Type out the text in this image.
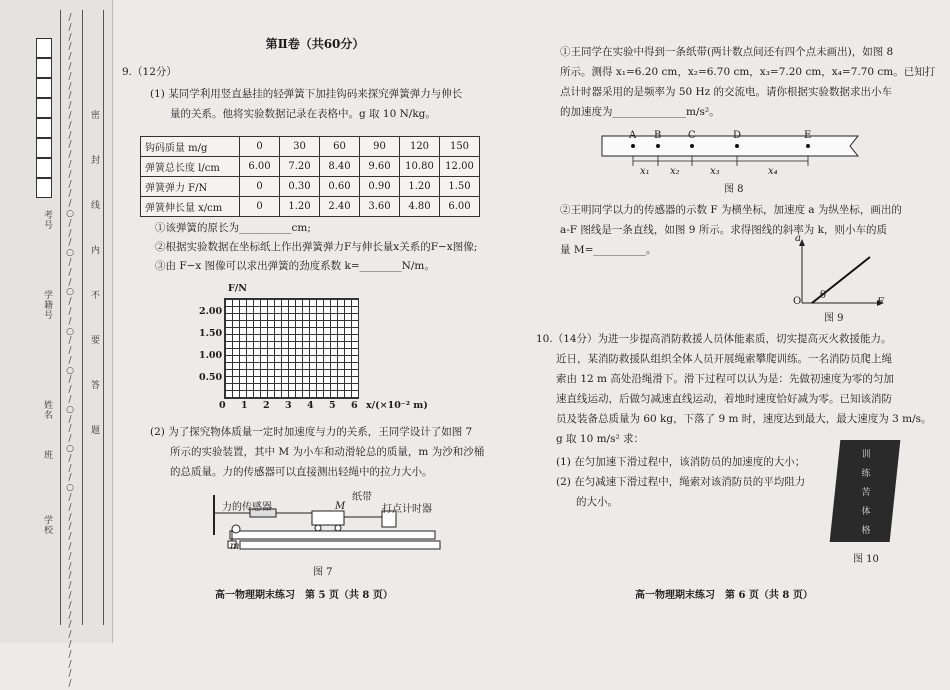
考号
学籍号
姓名
班
学校
密　　封　　线　　内　　不　　要　　答　　题
/
/
/
/
/
/
/
/
/
/
/
/
/
/
/
/
/
/
/
/
○
/
/
/
○
/
/
/
○
/
/
/
○
/
/
/
○
/
/
/
○
/
/
/
○
/
/
/
○
/
/
/
/
/
/
/
/
/
/
/
/
/
/
/
/
/
/
/
/
第Ⅱ卷（共60分）
9.（12分）
(1) 某同学利用竖直悬挂的轻弹簧下加挂钩码来探究弹簧弹力与伸长
量的关系。他将实验数据记录在表格中。g 取 10 N/kg。
钩码质量 m/g	0	30	60	90	120	150
弹簧总长度 l/cm	6.00	7.20	8.40	9.60	10.80	12.00
弹簧弹力 F/N	0	0.30	0.60	0.90	1.20	1.50
弹簧伸长量 x/cm	0	1.20	2.40	3.60	4.80	6.00
①该弹簧的原长为__________cm;
②根据实验数据在坐标纸上作出弹簧弹力F与伸长量x关系的F−x图像;
③由 F−x 图像可以求出弹簧的劲度系数 k=________N/m。
F/N
2.00
1.50
1.00
0.50
0 1 2 3 4 5 6 x/(×10⁻² m)
(2) 为了探究物体质量一定时加速度与力的关系，王同学设计了如图 7
所示的实验装置，其中 M 为小车和动滑轮总的质量，m 为沙和沙桶
的总质量。力的传感器可以直接测出轻绳中的拉力大小。
力的传感器
纸带
打点计时器
M
m
图 7
高一物理期末练习　第 5 页（共 8 页）
①王同学在实验中得到一条纸带(两计数点间还有四个点未画出)，如图 8
所示。测得 x₁=6.20 cm，x₂=6.70 cm，x₃=7.20 cm，x₄=7.70 cm。已知打
点计时器采用的是频率为 50 Hz 的交流电。请你根据实验数据求出小车
的加速度为______________m/s²。
A B	C	D	E
x₁ x₂	x₃	x₄
图 8
②王明同学以力的传感器的示数 F 为横坐标，加速度 a 为纵坐标，画出的
a-F 图线是一条直线，如图 9 所示。求得图线的斜率为 k，则小车的质
量 M=__________。
a
F
O
θ
图 9
10.（14分）为进一步提高消防救援人员体能素质，切实提高灭火救援能力。
近日，某消防救援队组织全体人员开展绳索攀爬训练。一名消防员爬上绳
索由 12 m 高处沿绳滑下。滑下过程可以认为是：先做初速度为零的匀加
速直线运动，后做匀减速直线运动，着地时速度恰好减为零。已知该消防
员及装备总质量为 60 kg，下落了 9 m 时，速度达到最大，最大速度为 3 m/s。
g 取 10 m/s² 求：
(1) 在匀加速下滑过程中，该消防员的加速度的大小；
(2) 在匀减速下滑过程中，绳索对该消防员的平均阻力
的大小。
训
练
苦
体
格
图 10
高一物理期末练习　第 6 页（共 8 页）
